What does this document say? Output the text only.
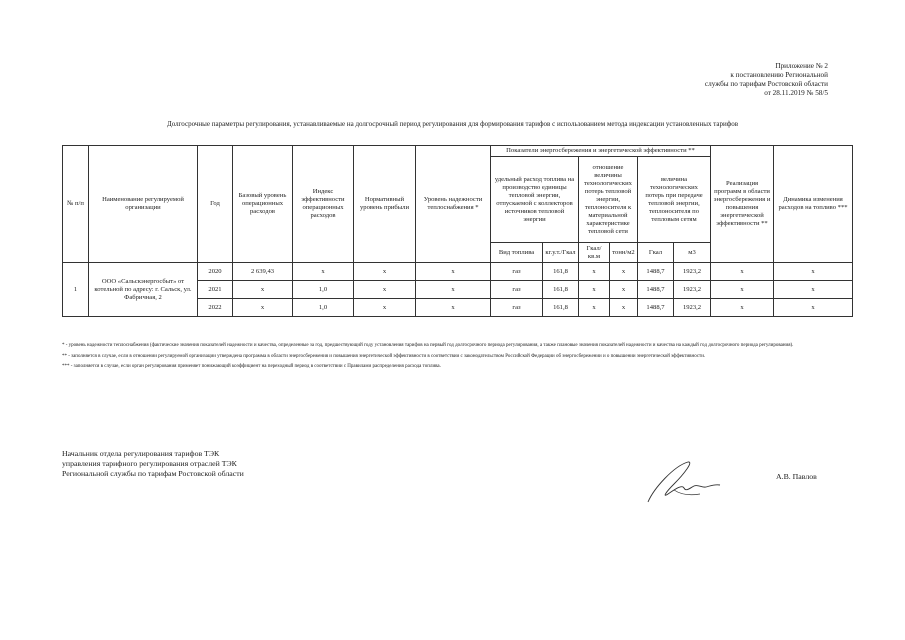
Приложение № 2
к постановлению Региональной
службы по тарифам Ростовской области
от 28.11.2019 № 58/5
Долгосрочные параметры регулирования, устанавливаемые на долгосрочный период регулирования для формирования тарифов с использованием метода индексации установленных тарифов
№ п/п	Наименование регулируемой организации	Год	Базовый уровень операционных расходов	Индекс эффективности операционных расходов	Нормативный уровень прибыли	Уровень надежности теплоснабжения *	Показатели энергосбережения и энергетической эффективности **						Реализация программ в области энергосбережения и повышения энергетической эффективности **	Динамика изменения расходов на топливо ***
							удельный расход топлива на производство единицы тепловой энергии, отпускаемой с коллекторов источников тепловой энергии		отношение величины технологических потерь тепловой энергии, теплоносителя к материальной характеристике тепловой сети		величина технологических потерь при передаче тепловой энергии, теплоносителя по тепловым сетям			
							Вид топлива	кг.у.т./Гкал	Гкал/ кв.м	тонн/м2	Гкал	м3		

1	ООО «Сальскэнергосбыт» от котельной по адресу: г. Сальск, ул. Фабричная, 2	2020	2 639,43	х	х	х	газ	161,8	х	х	1488,7	1923,2	х	х
		2021	х	1,0	х	х	газ	161,8	х	х	1488,7	1923,2	х	х
		2022	х	1,0	х	х	газ	161,8	х	х	1488,7	1923,2	х	х

* - уровень надежности теплоснабжения (фактические значения показателей надежности и качества, определенные за год, предшествующий году установления тарифов на первый год долгосрочного периода регулирования, а также плановые значения показателей надежности и качества на каждый год долгосрочного периода регулирования).

** - заполняется в случае, если в отношении регулируемой организации утверждена программа в области энергосбережения и повышения энергетической эффективности в соответствии с законодательством Российской Федерации об энергосбережении и о повышении энергетической эффективности.

*** - заполняется в случае, если орган регулирования применяет понижающий коэффициент на переходный период в соответствии с Правилами распределения расхода топлива.

Начальник отдела регулирования тарифов ТЭК
управления тарифного регулирования отраслей ТЭК
Региональной службы по тарифам Ростовской области	А.В. Павлов
